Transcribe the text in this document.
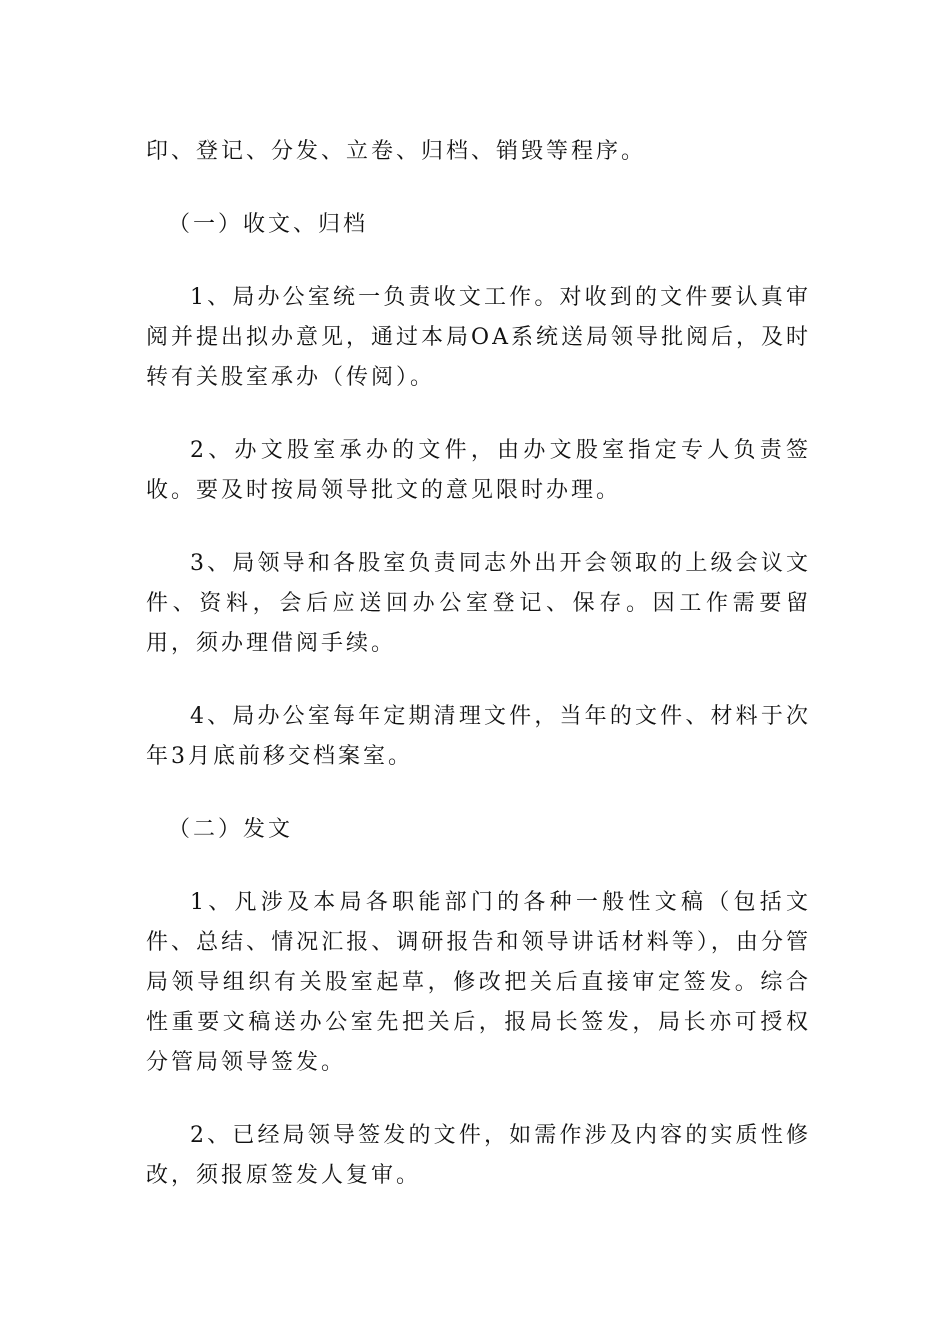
印、登记、分发、立卷、归档、销毁等程序。

（一）收文、归档

1、局办公室统一负责收文工作。对收到的文件要认真审阅并提出拟办意见，通过本局OA系统送局领导批阅后，及时转有关股室承办（传阅）。

2、办文股室承办的文件，由办文股室指定专人负责签收。要及时按局领导批文的意见限时办理。

3、局领导和各股室负责同志外出开会领取的上级会议文件、资料，会后应送回办公室登记、保存。因工作需要留用，须办理借阅手续。

4、局办公室每年定期清理文件，当年的文件、材料于次年3月底前移交档案室。

（二）发文

1、凡涉及本局各职能部门的各种一般性文稿（包括文件、总结、情况汇报、调研报告和领导讲话材料等），由分管局领导组织有关股室起草，修改把关后直接审定签发。综合性重要文稿送办公室先把关后，报局长签发，局长亦可授权分管局领导签发。

2、已经局领导签发的文件，如需作涉及内容的实质性修改，须报原签发人复审。
